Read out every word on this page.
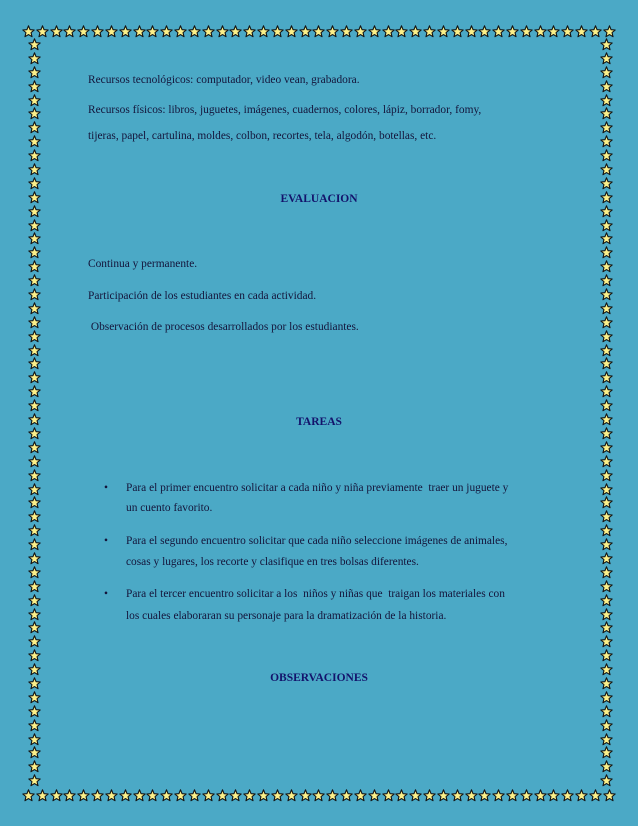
Recursos tecnológicos: computador, video vean, grabadora.

Recursos físicos: libros, juguetes, imágenes, cuadernos, colores, lápiz, borrador, fomy,

tijeras, papel, cartulina, moldes, colbon, recortes, tela, algodón, botellas, etc.

EVALUACION

Continua y permanente.

Participación de los estudiantes en cada actividad.

Observación de procesos desarrollados por los estudiantes.

TAREAS
• Para el primer encuentro solicitar a cada niño y niña previamente  traer un juguete y

un cuento favorito.

• Para el segundo encuentro solicitar que cada niño seleccione imágenes de animales,

cosas y lugares, los recorte y clasifique en tres bolsas diferentes.

• Para el tercer encuentro solicitar a los  niños y niñas que  traigan los materiales con

los cuales elaboraran su personaje para la dramatización de la historia.

OBSERVACIONES
